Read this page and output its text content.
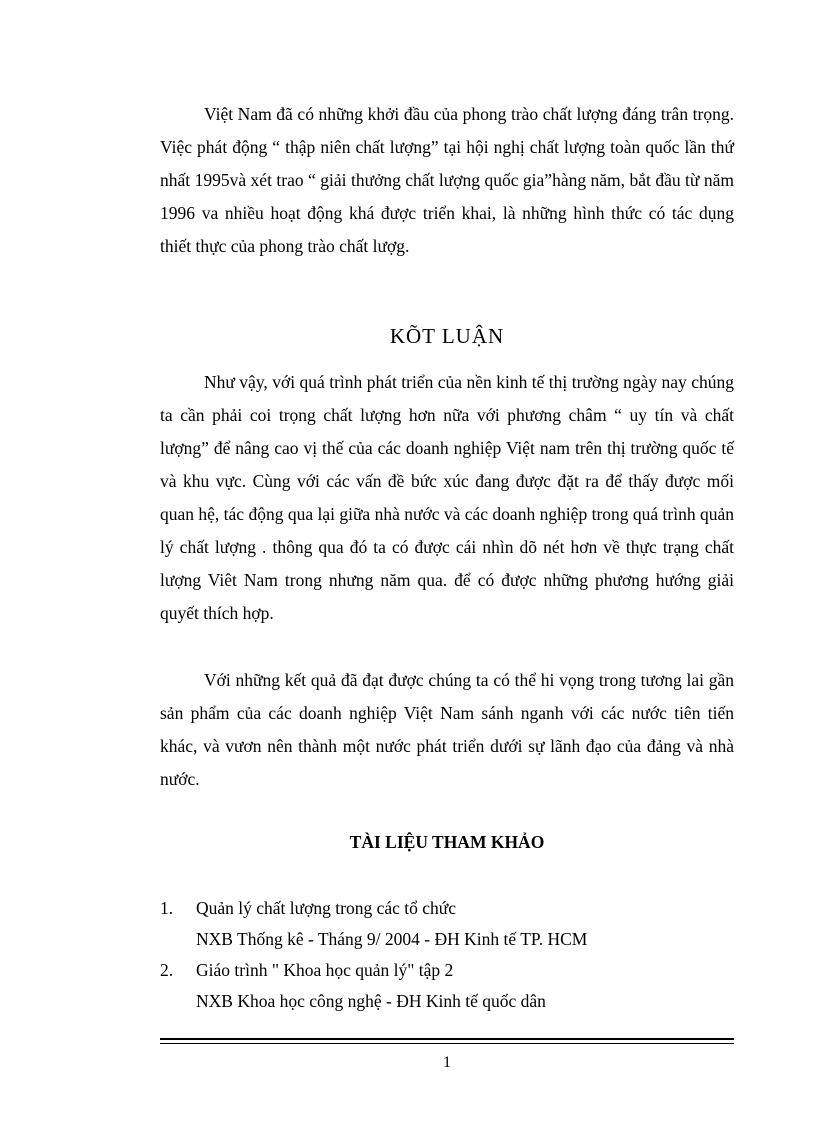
Việt Nam đã có những khởi đầu của phong trào chất lượng đáng trân trọng. Việc phát động “ thập niên chất lượng” tại hội nghị chất lượng toàn quốc lần thứ nhất 1995và xét trao “ giải thưởng chất lượng quốc gia”hàng năm, bắt đầu từ năm 1996 va nhiều hoạt động khá được triển khai, là những hình thức có tác dụng thiết thực của phong trào chất lượg.

KÕT LUẬN

Như vậy, với quá trình phát triển của nền kinh tế thị trường ngày nay chúng ta cần phải coi trọng chất lượng hơn nữa với phương châm “ uy tín và chất lượng” để nâng cao vị thế của các doanh nghiệp Việt nam trên thị trường quốc tế và khu vực. Cùng với các vấn đề bức xúc đang được đặt ra để thấy được mối quan hệ, tác động qua lại giữa nhà nước và các doanh nghiệp trong quá trình quản lý chất lượng . thông qua đó ta có được cái nhìn dõ nét hơn về thực trạng chất lượng Viêt Nam trong nhưng năm qua. để có được những phương hướng giải quyết thích hợp.

Với những kết quả đã đạt được chúng ta có thể hi vọng trong tương lai gần sản phẩm của các doanh nghiệp Việt Nam sánh nganh với các nước tiên tiến khác, và vươn nên thành một nước phát triển dưới sự lãnh đạo của đảng và nhà nước.

TÀI LIỆU THAM KHẢO
1.	Quản lý chất lượng trong các tổ chức
NXB Thống kê - Tháng 9/ 2004 - ĐH Kinh tế TP. HCM
2.	Giáo trình " Khoa học quản lý" tập 2
NXB Khoa học công nghệ - ĐH Kinh tế quốc dân
1
